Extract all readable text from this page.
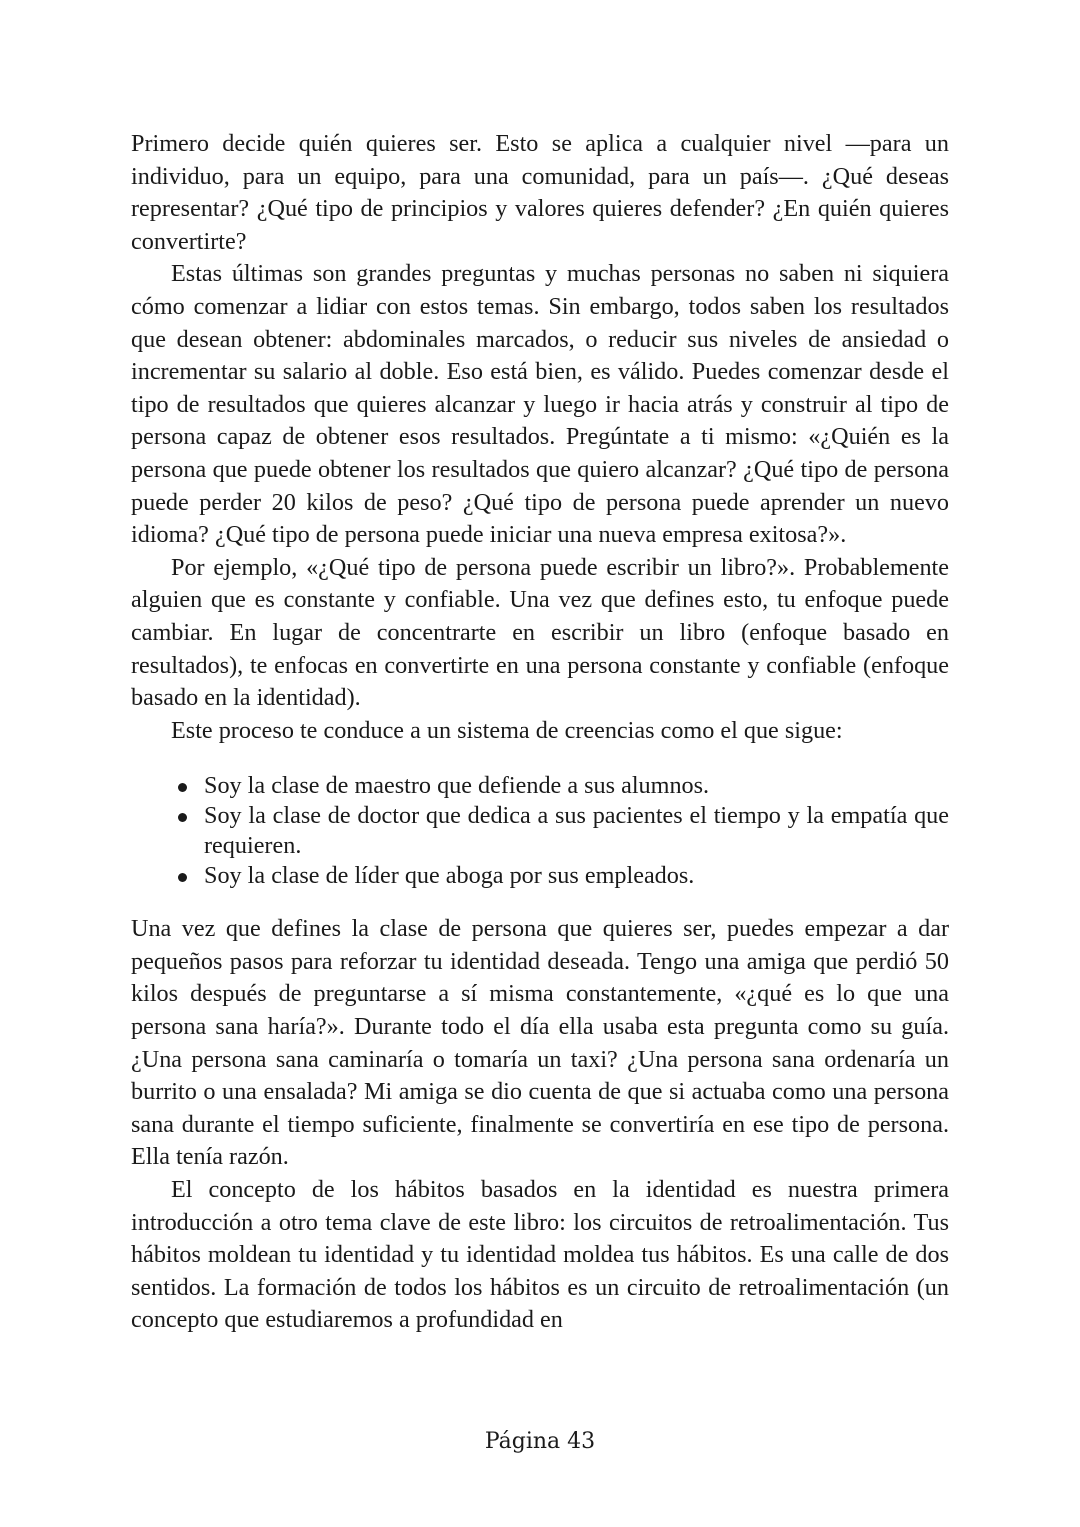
Primero decide quién quieres ser. Esto se aplica a cualquier nivel —para un individuo, para un equipo, para una comunidad, para un país—. ¿Qué deseas representar? ¿Qué tipo de principios y valores quieres defender? ¿En quién quieres convertirte?

Estas últimas son grandes preguntas y muchas personas no saben ni siquiera cómo comenzar a lidiar con estos temas. Sin embargo, todos saben los resultados que desean obtener: abdominales marcados, o reducir sus niveles de ansiedad o incrementar su salario al doble. Eso está bien, es válido. Puedes comenzar desde el tipo de resultados que quieres alcanzar y luego ir hacia atrás y construir al tipo de persona capaz de obtener esos resultados. Pregúntate a ti mismo: «¿Quién es la persona que puede obtener los resultados que quiero alcanzar? ¿Qué tipo de persona puede perder 20 kilos de peso? ¿Qué tipo de persona puede aprender un nuevo idioma? ¿Qué tipo de persona puede iniciar una nueva empresa exitosa?».

Por ejemplo, «¿Qué tipo de persona puede escribir un libro?». Probablemente alguien que es constante y confiable. Una vez que defines esto, tu enfoque puede cambiar. En lugar de concentrarte en escribir un libro (enfoque basado en resultados), te enfocas en convertirte en una persona constante y confiable (enfoque basado en la identidad).

Este proceso te conduce a un sistema de creencias como el que sigue:

Soy la clase de maestro que defiende a sus alumnos.
Soy la clase de doctor que dedica a sus pacientes el tiempo y la empatía que requieren.
Soy la clase de líder que aboga por sus empleados.

Una vez que defines la clase de persona que quieres ser, puedes empezar a dar pequeños pasos para reforzar tu identidad deseada. Tengo una amiga que perdió 50 kilos después de preguntarse a sí misma constantemente, «¿qué es lo que una persona sana haría?». Durante todo el día ella usaba esta pregunta como su guía. ¿Una persona sana caminaría o tomaría un taxi? ¿Una persona sana ordenaría un burrito o una ensalada? Mi amiga se dio cuenta de que si actuaba como una persona sana durante el tiempo suficiente, finalmente se convertiría en ese tipo de persona. Ella tenía razón.

El concepto de los hábitos basados en la identidad es nuestra primera introducción a otro tema clave de este libro: los circuitos de retroalimentación. Tus hábitos moldean tu identidad y tu identidad moldea tus hábitos. Es una calle de dos sentidos. La formación de todos los hábitos es un circuito de retroalimentación (un concepto que estudiaremos a profundidad en

Página 43
